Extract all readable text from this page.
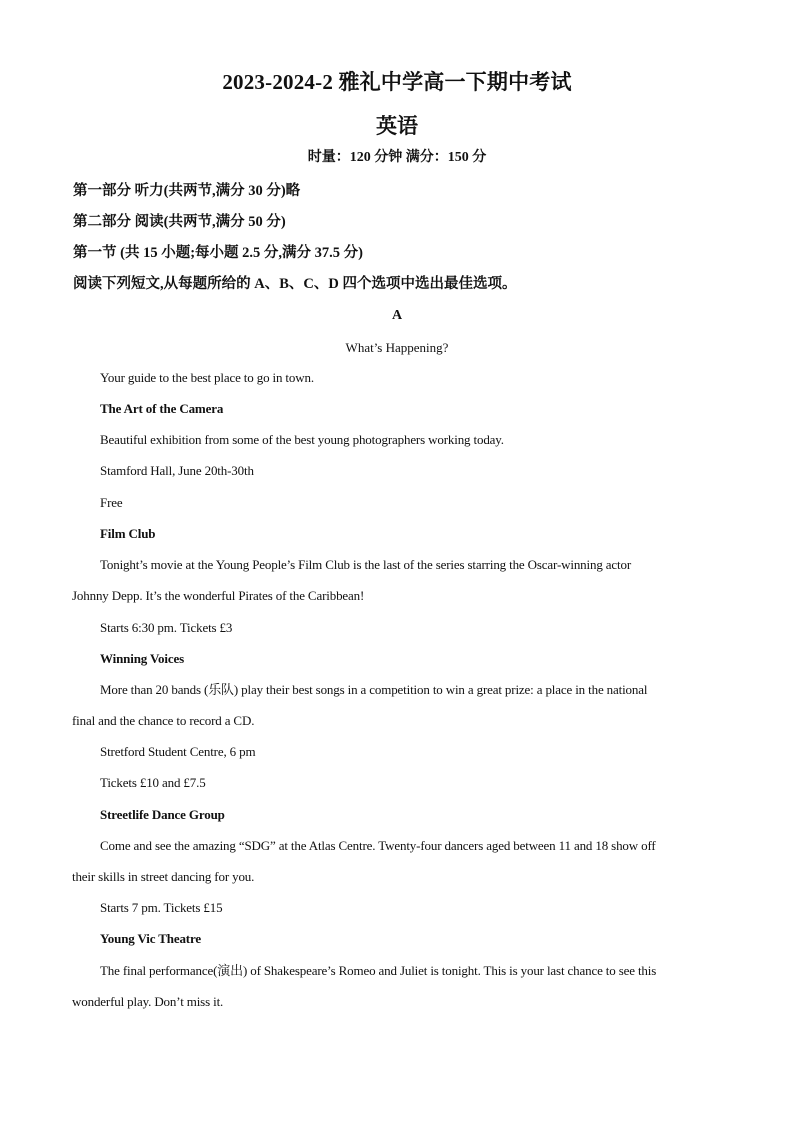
2023-2024-2 雅礼中学高一下期中考试
英语
时量：120 分钟 满分：150 分
第一部分 听力(共两节,满分 30 分)略
第二部分 阅读(共两节,满分 50 分)
第一节 (共 15 小题;每小题 2.5 分,满分 37.5 分)
阅读下列短文,从每题所给的 A、B、C、D 四个选项中选出最佳选项。
A
What’s Happening?
Your guide to the best place to go in town.
The Art of the Camera
Beautiful exhibition from some of the best young photographers working today.
Stamford Hall, June 20th-30th
Free
Film Club
Tonight’s movie at the Young People’s Film Club is the last of the series starring the Oscar-winning actor
Johnny Depp. It’s the wonderful Pirates of the Caribbean!
Starts 6:30 pm. Tickets £3
Winning Voices
More than 20 bands (乐队) play their best songs in a competition to win a great prize: a place in the national
final and the chance to record a CD.
Stretford Student Centre, 6 pm
Tickets £10 and £7.5
Streetlife Dance Group
Come and see the amazing “SDG” at the Atlas Centre. Twenty-four dancers aged between 11 and 18 show off
their skills in street dancing for you.
Starts 7 pm. Tickets £15
Young Vic Theatre
The final performance(演出) of Shakespeare’s Romeo and Juliet is tonight. This is your last chance to see this
wonderful play. Don’t miss it.
